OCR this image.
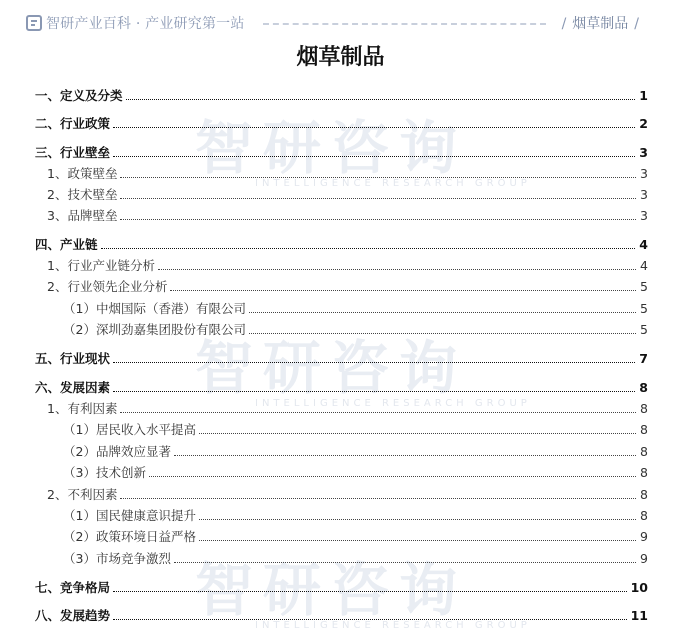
智研产业百科 · 产业研究第一站	/ 烟草制品 /
烟草制品
智研咨询
INTELLIGENCE RESEARCH GROUP
智研咨询
INTELLIGENCE RESEARCH GROUP
智研咨询
INTELLIGENCE RESEARCH GROUP
一、定义及分类	1
二、行业政策	2
三、行业壁垒	3
1、政策壁垒	3
2、技术壁垒	3
3、品牌壁垒	3
四、产业链	4
1、行业产业链分析	4
2、行业领先企业分析	5
（1）中烟国际（香港）有限公司	5
（2）深圳劲嘉集团股份有限公司	5
五、行业现状	7
六、发展因素	8
1、有利因素	8
（1）居民收入水平提高	8
（2）品牌效应显著	8
（3）技术创新	8
2、不利因素	8
（1）国民健康意识提升	8
（2）政策环境日益严格	9
（3）市场竞争激烈	9
七、竞争格局	10
八、发展趋势	11
